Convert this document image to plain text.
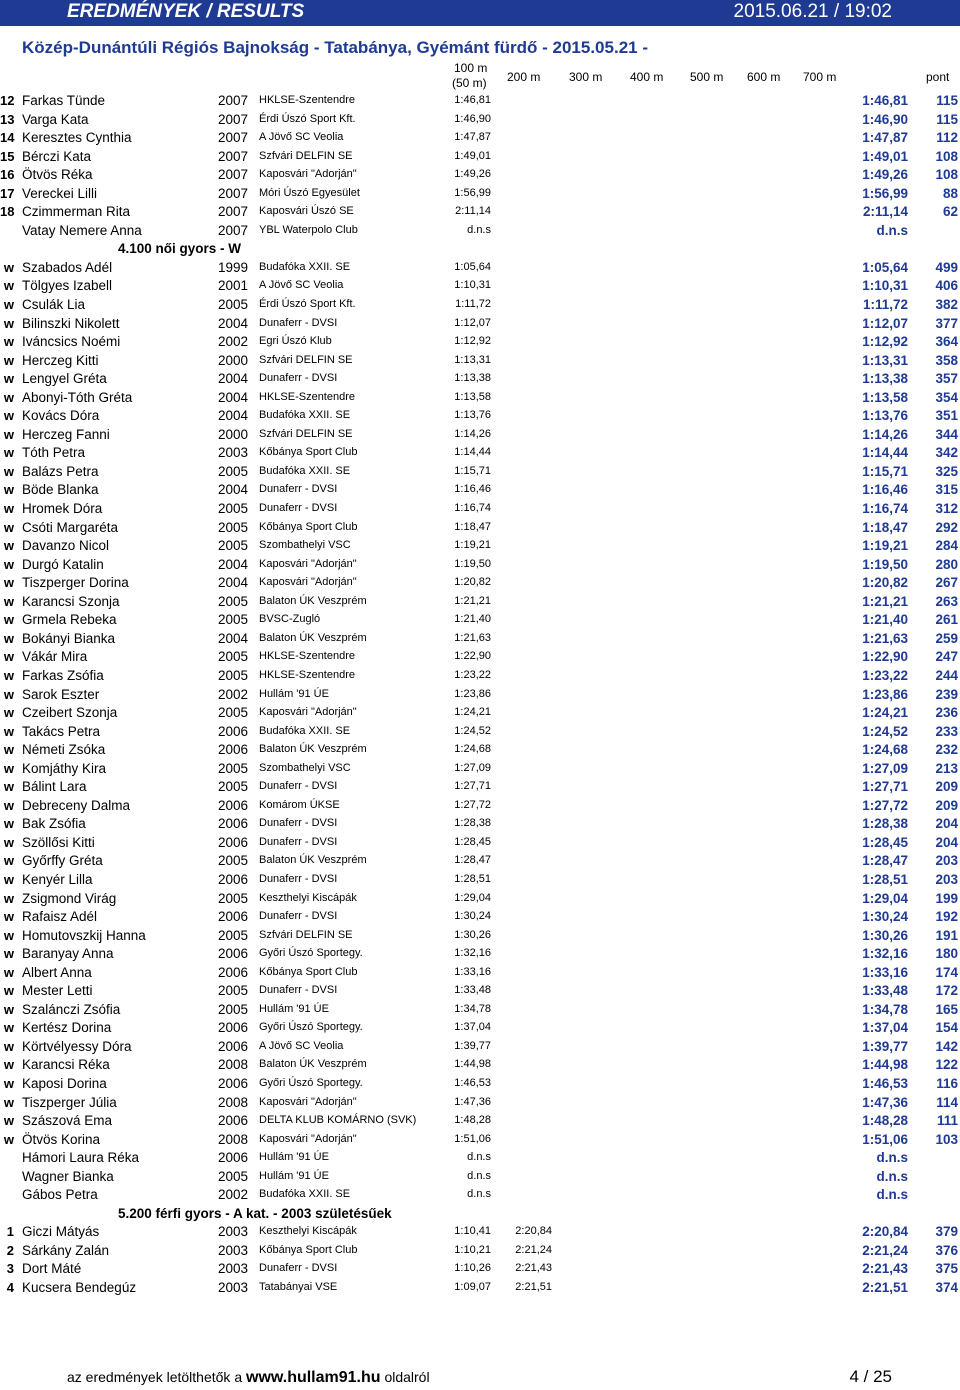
EREDMÉNYEK / RESULTS	2015.06.21 / 19:02
Közép-Dunántúli Régiós Bajnokság - Tatabánya, Gyémánt fürdő - 2015.05.21 -
100 m
(50 m) 200 m 300 m 400 m 500 m 600 m 700 m	pont
12 Farkas Tünde	2007 HKLSE-Szentendre	1:46,81	1:46,81	115
13 Varga Kata	2007 Érdi Úszó Sport Kft.	1:46,90	1:46,90	115
14 Keresztes Cynthia	2007 A Jövő SC Veolia	1:47,87	1:47,87	112
15 Bérczi Kata	2007 Szfvári DELFIN SE	1:49,01	1:49,01	108
16 Ötvös Réka	2007 Kaposvári "Adorján"	1:49,26	1:49,26	108
17 Vereckei Lilli	2007 Móri Úszó Egyesület	1:56,99	1:56,99	88
18 Czimmerman Rita	2007 Kaposvári Úszó SE	2:11,14	2:11,14	62
Vatay Nemere Anna	2007 YBL Waterpolo Club	d.n.s	d.n.s
4.100 női gyors - W
w Szabados Adél	1999 Budafóka XXII. SE	1:05,64	1:05,64	499
w Tölgyes Izabell	2001 A Jövő SC Veolia	1:10,31	1:10,31	406
w Csulák Lia	2005 Érdi Úszó Sport Kft.	1:11,72	1:11,72	382
w Bilinszki Nikolett	2004 Dunaferr - DVSI	1:12,07	1:12,07	377
w Iváncsics Noémi	2002 Egri Úszó Klub	1:12,92	1:12,92	364
w Herczeg Kitti	2000 Szfvári DELFIN SE	1:13,31	1:13,31	358
w Lengyel Gréta	2004 Dunaferr - DVSI	1:13,38	1:13,38	357
w Abonyi-Tóth Gréta	2004 HKLSE-Szentendre	1:13,58	1:13,58	354
w Kovács Dóra	2004 Budafóka XXII. SE	1:13,76	1:13,76	351
w Herczeg Fanni	2000 Szfvári DELFIN SE	1:14,26	1:14,26	344
w Tóth Petra	2003 Kőbánya Sport Club	1:14,44	1:14,44	342
w Balázs Petra	2005 Budafóka XXII. SE	1:15,71	1:15,71	325
w Böde Blanka	2004 Dunaferr - DVSI	1:16,46	1:16,46	315
w Hromek Dóra	2005 Dunaferr - DVSI	1:16,74	1:16,74	312
w Csóti Margaréta	2005 Kőbánya Sport Club	1:18,47	1:18,47	292
w Davanzo Nicol	2005 Szombathelyi VSC	1:19,21	1:19,21	284
w Durgó Katalin	2004 Kaposvári "Adorján"	1:19,50	1:19,50	280
w Tiszperger Dorina	2004 Kaposvári "Adorján"	1:20,82	1:20,82	267
w Karancsi Szonja	2005 Balaton ÚK Veszprém	1:21,21	1:21,21	263
w Grmela Rebeka	2005 BVSC-Zugló	1:21,40	1:21,40	261
w Bokányi Bianka	2004 Balaton ÚK Veszprém	1:21,63	1:21,63	259
w Vákár Mira	2005 HKLSE-Szentendre	1:22,90	1:22,90	247
w Farkas Zsófia	2005 HKLSE-Szentendre	1:23,22	1:23,22	244
w Sarok Eszter	2002 Hullám '91 ÚE	1:23,86	1:23,86	239
w Czeibert Szonja	2005 Kaposvári "Adorján"	1:24,21	1:24,21	236
w Takács Petra	2006 Budafóka XXII. SE	1:24,52	1:24,52	233
w Németi Zsóka	2006 Balaton ÚK Veszprém	1:24,68	1:24,68	232
w Komjáthy Kira	2005 Szombathelyi VSC	1:27,09	1:27,09	213
w Bálint Lara	2005 Dunaferr - DVSI	1:27,71	1:27,71	209
w Debreceny Dalma	2006 Komárom ÚKSE	1:27,72	1:27,72	209
w Bak Zsófia	2006 Dunaferr - DVSI	1:28,38	1:28,38	204
w Szöllősi Kitti	2006 Dunaferr - DVSI	1:28,45	1:28,45	204
w Győrffy Gréta	2005 Balaton ÚK Veszprém	1:28,47	1:28,47	203
w Kenyér Lilla	2006 Dunaferr - DVSI	1:28,51	1:28,51	203
w Zsigmond Virág	2005 Keszthelyi Kiscápák	1:29,04	1:29,04	199
w Rafaisz Adél	2006 Dunaferr - DVSI	1:30,24	1:30,24	192
w Homutovszkij Hanna	2005 Szfvári DELFIN SE	1:30,26	1:30,26	191
w Baranyay Anna	2006 Győri Úszó Sportegy.	1:32,16	1:32,16	180
w Albert Anna	2006 Kőbánya Sport Club	1:33,16	1:33,16	174
w Mester Letti	2005 Dunaferr - DVSI	1:33,48	1:33,48	172
w Szalánczi Zsófia	2005 Hullám '91 ÚE	1:34,78	1:34,78	165
w Kertész Dorina	2006 Győri Úszó Sportegy.	1:37,04	1:37,04	154
w Körtvélyessy Dóra	2006 A Jövő SC Veolia	1:39,77	1:39,77	142
w Karancsi Réka	2008 Balaton ÚK Veszprém	1:44,98	1:44,98	122
w Kaposi Dorina	2006 Győri Úszó Sportegy.	1:46,53	1:46,53	116
w Tiszperger Júlia	2008 Kaposvári "Adorján"	1:47,36	1:47,36	114
w Szászová Ema	2006 DELTA KLUB KOMÁRNO (SVK)	1:48,28	1:48,28	111
w Ötvös Korina	2008 Kaposvári "Adorján"	1:51,06	1:51,06	103
Hámori Laura Réka	2006 Hullám '91 ÚE	d.n.s	d.n.s
Wagner Bianka	2005 Hullám '91 ÚE	d.n.s	d.n.s
Gábos Petra	2002 Budafóka XXII. SE	d.n.s	d.n.s
5.200 férfi gyors - A kat. - 2003 születésűek
1 Giczi Mátyás	2003 Keszthelyi Kiscápák	1:10,41	2:20,84	2:20,84	379
2 Sárkány Zalán	2003 Kőbánya Sport Club	1:10,21	2:21,24	2:21,24	376
3 Dort Máté	2003 Dunaferr - DVSI	1:10,26	2:21,43	2:21,43	375
4 Kucsera Bendegúz	2003 Tatabányai VSE	1:09,07	2:21,51	2:21,51	374
az eredmények letölthetők a www.hullam91.hu oldalról	4 / 25
